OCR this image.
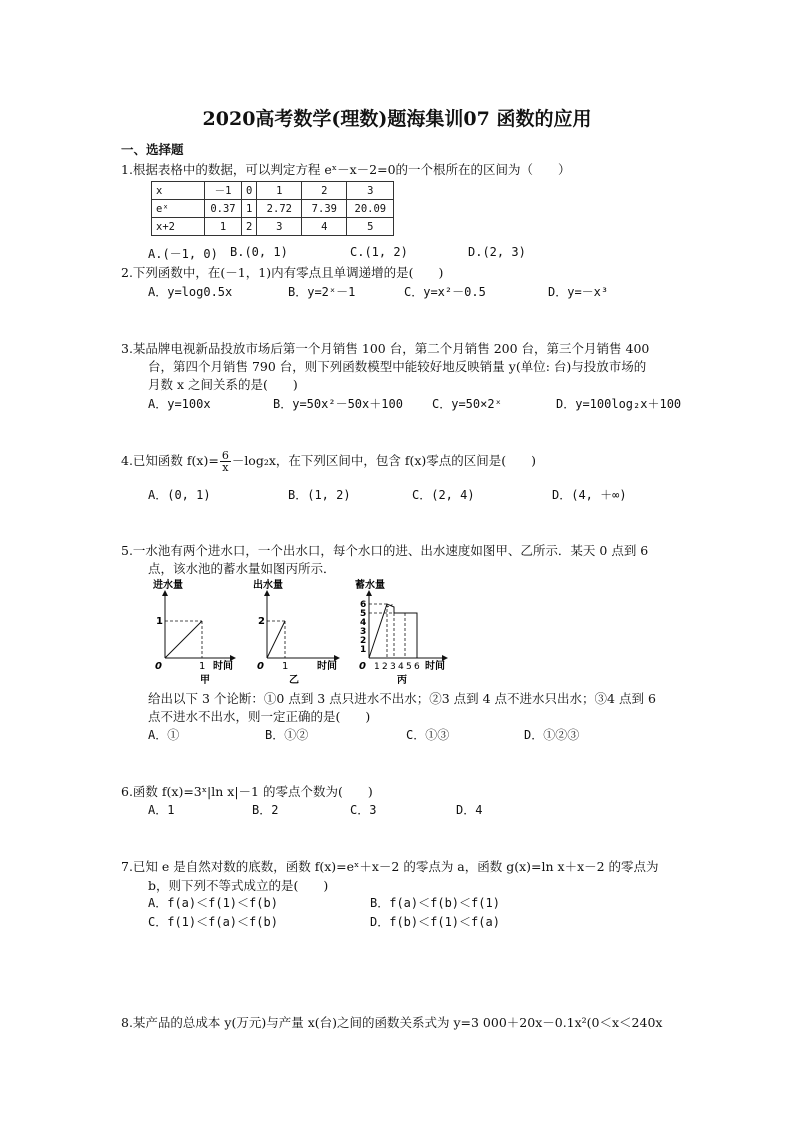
2020高考数学(理数)题海集训07 函数的应用
一、选择题
1.根据表格中的数据，可以判定方程 eˣ－x－2=0的一个根所在的区间为（　　）
x	－1	0	1	2	3
eˣ	0.37	1	2.72	7.39	20.09
x+2	1	2	3	4	5
A.(－1, 0) B.(0, 1)	C.(1, 2)	D.(2, 3)
2.下列函数中，在(－1，1)内有零点且单调递增的是(　　)
A．y=log0.5x	B．y=2ˣ－1	C．y=x²－0.5	D．y=－x³
3.某品牌电视新品投放市场后第一个月销售 100 台，第二个月销售 200 台，第三个月销售 400
台，第四个月销售 790 台，则下列函数模型中能较好地反映销量 y(单位: 台)与投放市场的
月数 x 之间关系的是(　　)
A．y=100x	B．y=50x²－50x＋100 C．y=50×2ˣ	D．y=100log₂x＋100
4.已知函数 $f(x)= \frac{6}{x} -\log_2x$，在下列区间中，包含 f(x)零点的区间是(　　)
A．(0, 1)	B．(1, 2)	C．(2, 4)	D．(4, ＋∞)
5.一水池有两个进水口，一个出水口，每个水口的进、出水速度如图甲、乙所示．某天 0 点到 6
点，该水池的蓄水量如图丙所示．
进水量
1
0	1 时间
甲
出水量
2
0 1	时间
乙
蓄水量
6
5
4
3
2
1
0 1 2 3 4 5 6 时间
丙
给出以下 3 个论断：①0 点到 3 点只进水不出水；②3 点到 4 点不进水只出水；③4 点到 6
点不进水不出水，则一定正确的是(　　)
A．①	B．①②	C．①③	D．①②③
6.函数 f(x)=3ˣ|ln x|－1 的零点个数为(　　)
A．1	B．2	C．3	D．4
7.已知 e 是自然对数的底数，函数 f(x)=eˣ＋x－2 的零点为 a，函数 g(x)=ln x＋x－2 的零点为
b，则下列不等式成立的是(　　)
A．f(a)＜f(1)＜f(b)	B．f(a)＜f(b)＜f(1)
C．f(1)＜f(a)＜f(b)	D．f(b)＜f(1)＜f(a)
8.某产品的总成本 y(万元)与产量 x(台)之间的函数关系式为 y=3 000＋20x－0.1x²(0＜x＜240x
